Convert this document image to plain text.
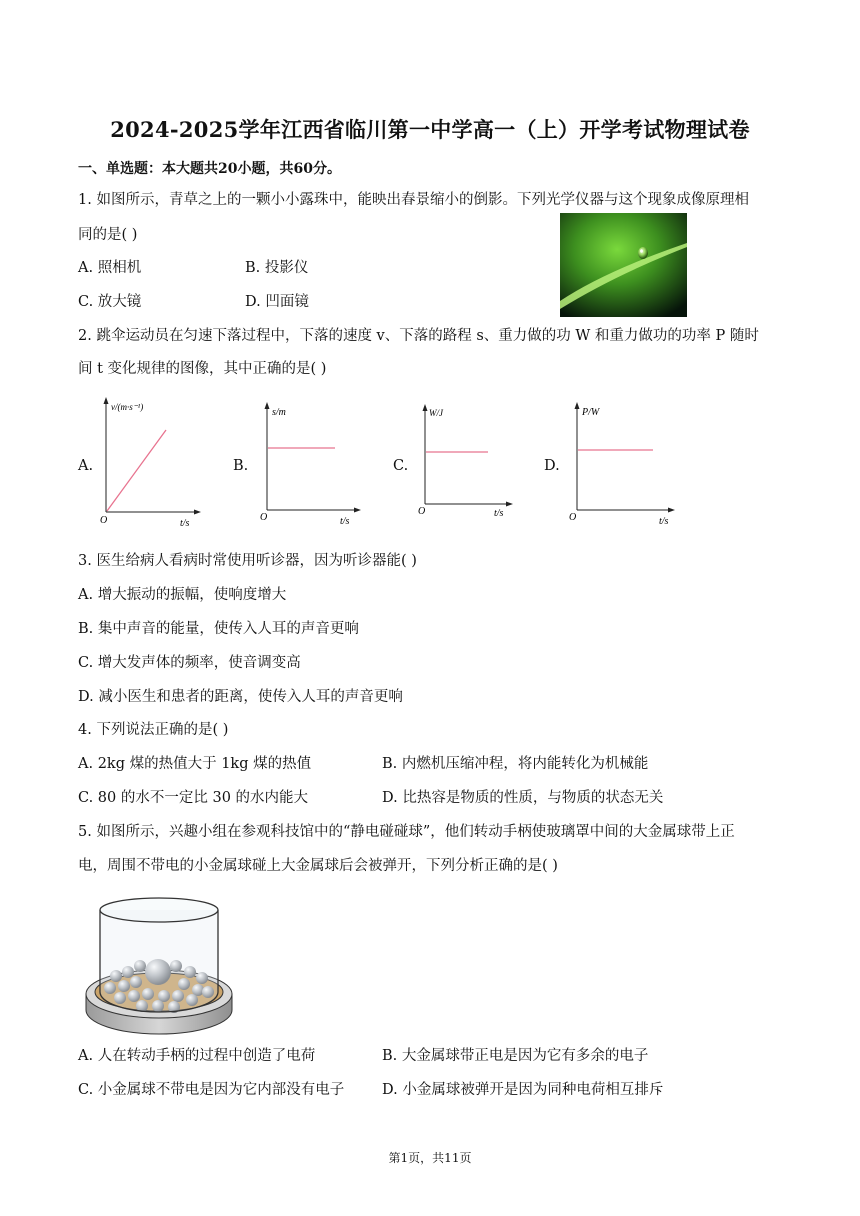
2024-2025学年江西省临川第一中学高一（上）开学考试物理试卷
一、单选题：本大题共20小题，共60分。
1. 如图所示，青草之上的一颗小小露珠中，能映出春景缩小的倒影。下列光学仪器与这个现象成像原理相
同的是( )
A. 照相机	B. 投影仪
C. 放大镜	D. 凹面镜
2. 跳伞运动员在匀速下落过程中，下落的速度 v、下落的路程 s、重力做的功 W 和重力做功的功率 P 随时
间 t 变化规律的图像，其中正确的是( )
A.	B.	C.	D.
v/(m·s⁻¹)
t/s
O
s/m
t/s
O
W/J
t/s
O
P/W
t/s
O
3. 医生给病人看病时常使用听诊器，因为听诊器能( )
A. 增大振动的振幅，使响度增大
B. 集中声音的能量，使传入人耳的声音更响
C. 增大发声体的频率，使音调变高
D. 减小医生和患者的距离，使传入人耳的声音更响
4. 下列说法正确的是( )
A. 2kg 煤的热值大于 1kg 煤的热值	B. 内燃机压缩冲程，将内能转化为机械能
C. 80 的水不一定比 30 的水内能大	D. 比热容是物质的性质，与物质的状态无关
5. 如图所示，兴趣小组在参观科技馆中的“静电碰碰球”，他们转动手柄使玻璃罩中间的大金属球带上正
电，周围不带电的小金属球碰上大金属球后会被弹开，下列分析正确的是( )
A. 人在转动手柄的过程中创造了电荷	B. 大金属球带正电是因为它有多余的电子
C. 小金属球不带电是因为它内部没有电子	D. 小金属球被弹开是因为同种电荷相互排斥
第1页，共11页
